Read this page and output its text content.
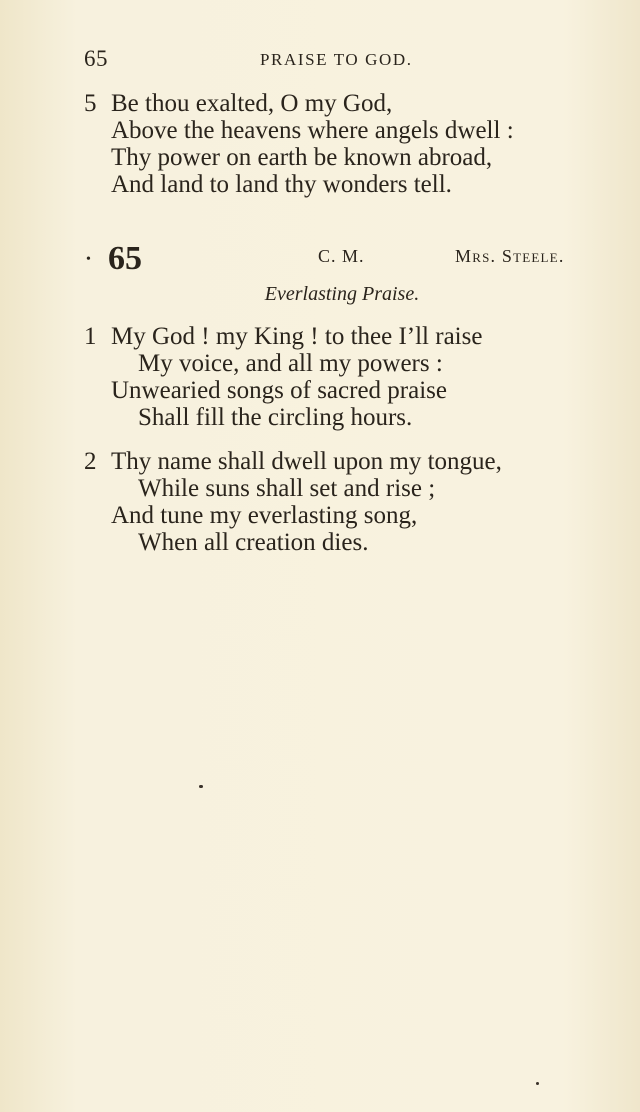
65	PRAISE TO GOD.
5 Be thou exalted, O my God,
Above the heavens where angels dwell :
Thy power on earth be known abroad,
And land to land thy wonders tell.
• 65	C. M.	Mrs. Steele.
Everlasting Praise.
1 My God ! my King ! to thee I’ll raise
My voice, and all my powers :
Unwearied songs of sacred praise
Shall fill the circling hours.
2 Thy name shall dwell upon my tongue,
While suns shall set and rise ;
And tune my everlasting song,
When all creation dies.
